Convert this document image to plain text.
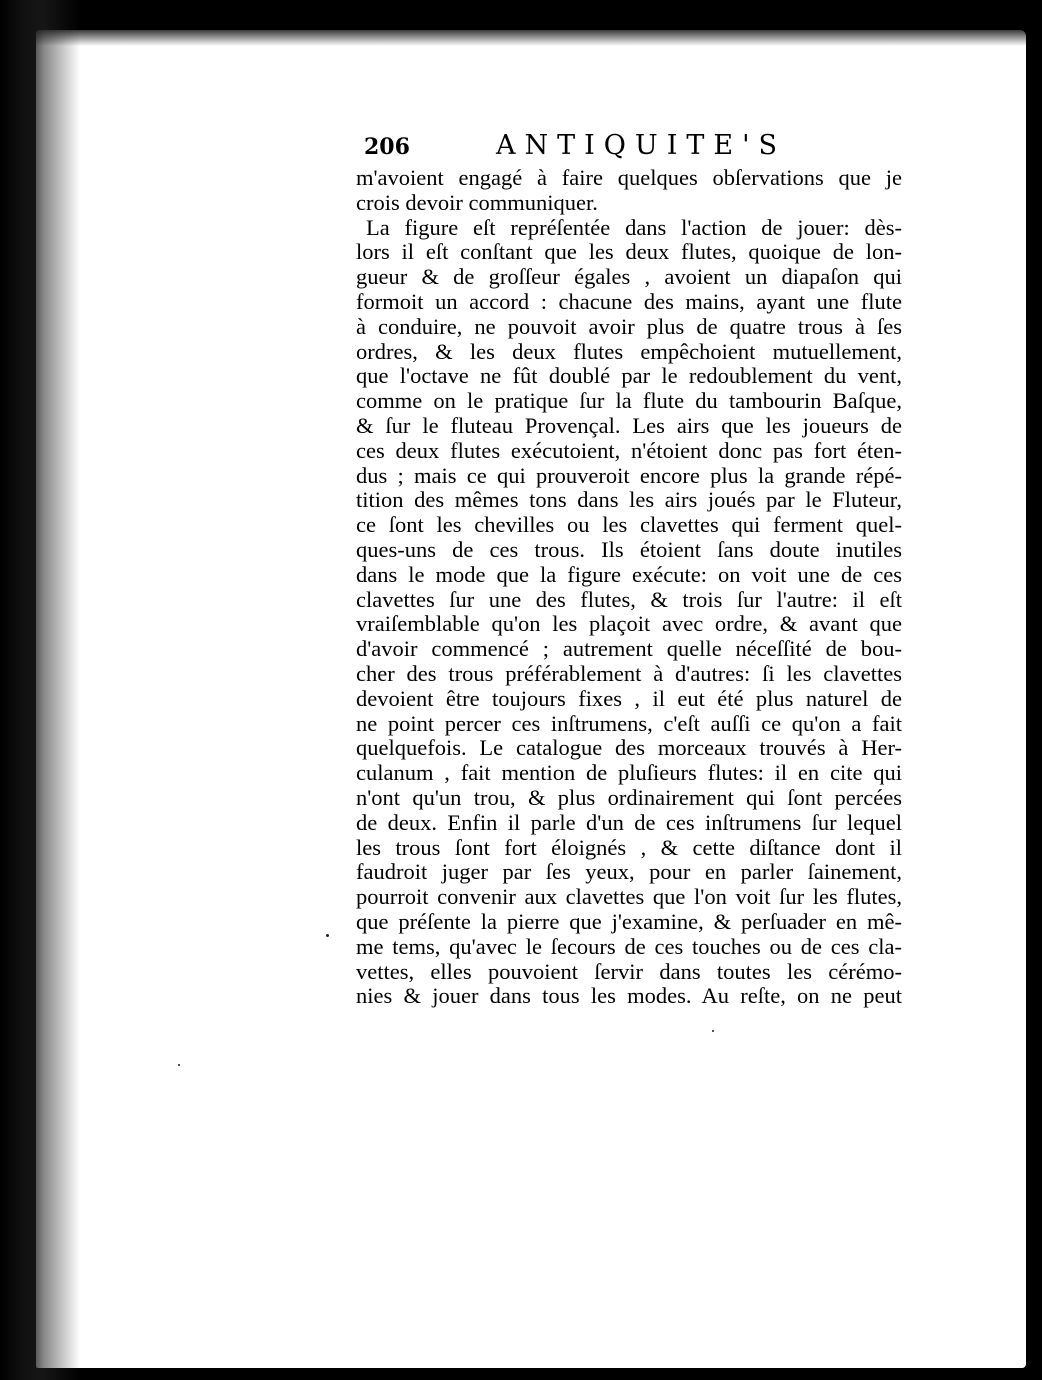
206	ANTIQUITE'S
m'avoient engagé à faire quelques obſervations que je
crois devoir communiquer.
La figure eſt repréſentée dans l'action de jouer: dès-
lors il eſt conſtant que les deux flutes, quoique de lon-
gueur & de groſſeur égales , avoient un diapaſon qui
formoit un accord : chacune des mains, ayant une flute
à conduire, ne pouvoit avoir plus de quatre trous à ſes
ordres, & les deux flutes empêchoient mutuellement,
que l'octave ne fût doublé par le redoublement du vent,
comme on le pratique ſur la flute du tambourin Baſque,
& ſur le fluteau Provençal. Les airs que les joueurs de
ces deux flutes exécutoient, n'étoient donc pas fort éten-
dus ; mais ce qui prouveroit encore plus la grande répé-
tition des mêmes tons dans les airs joués par le Fluteur,
ce ſont les chevilles ou les clavettes qui ferment quel-
ques-uns de ces trous. Ils étoient ſans doute inutiles
dans le mode que la figure exécute: on voit une de ces
clavettes ſur une des flutes, & trois ſur l'autre: il eſt
vraiſemblable qu'on les plaçoit avec ordre, & avant que
d'avoir commencé ; autrement quelle néceſſité de bou-
cher des trous préférablement à d'autres: ſi les clavettes
devoient être toujours fixes , il eut été plus naturel de
ne point percer ces inſtrumens, c'eſt auſſi ce qu'on a fait
quelquefois. Le catalogue des morceaux trouvés à Her-
culanum , fait mention de pluſieurs flutes: il en cite qui
n'ont qu'un trou, & plus ordinairement qui ſont percées
de deux. Enfin il parle d'un de ces inſtrumens ſur lequel
les trous ſont fort éloignés , & cette diſtance dont il
faudroit juger par ſes yeux, pour en parler ſainement,
pourroit convenir aux clavettes que l'on voit ſur les flutes,
que préſente la pierre que j'examine, & perſuader en mê-
me tems, qu'avec le ſecours de ces touches ou de ces cla-
vettes, elles pouvoient ſervir dans toutes les cérémo-
nies & jouer dans tous les modes. Au reſte, on ne peut
